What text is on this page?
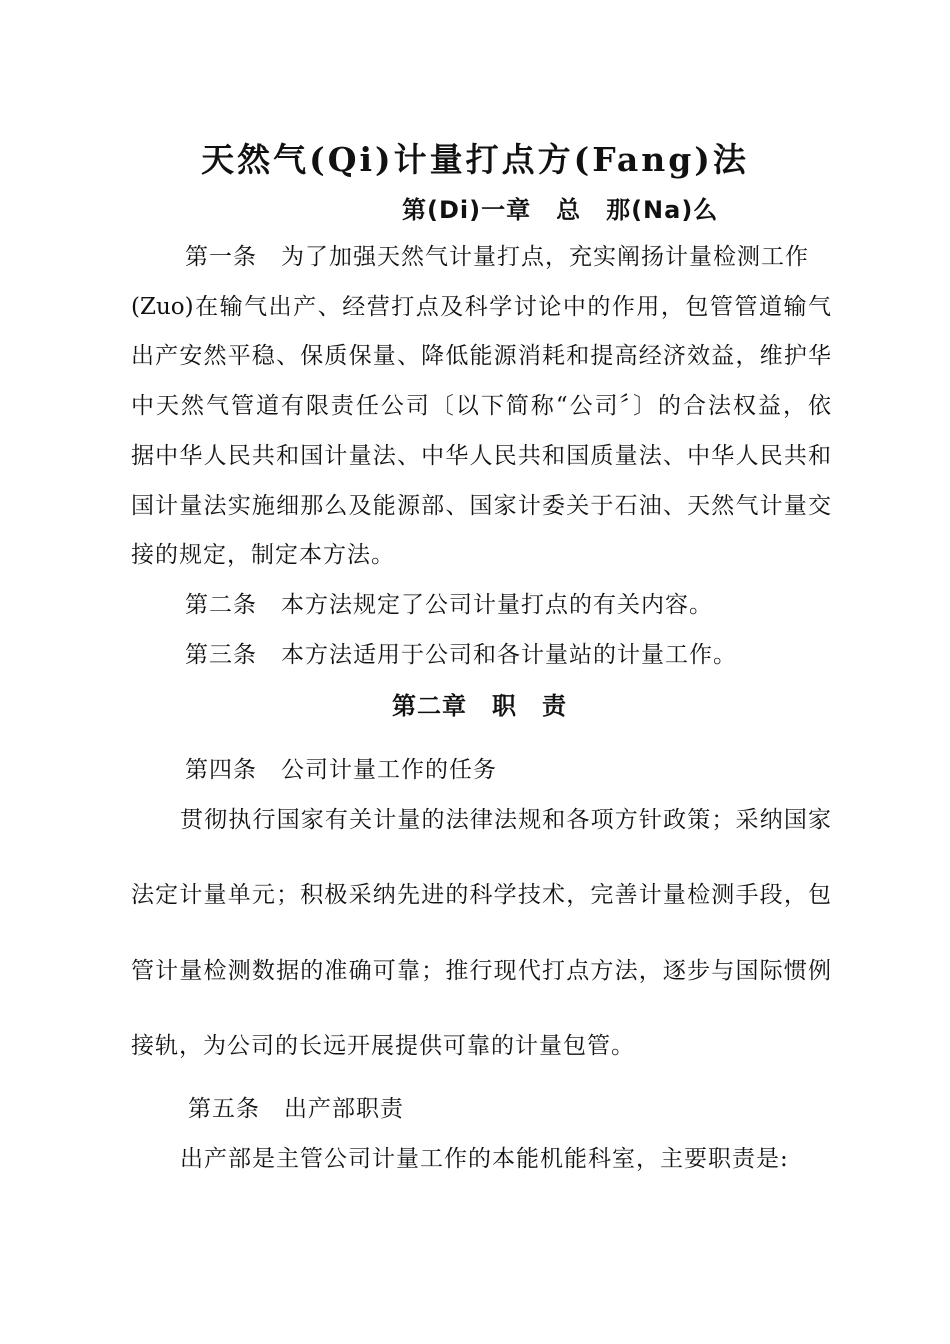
天然气(Qi)计量打点方(Fang)法
第(Di)一章　总　那(Na)么
第一条　为了加强天然气计量打点，充实阐扬计量检测工作
(Zuo)在输气出产、经营打点及科学讨论中的作用，包管管道输气
出产安然平稳、保质保量、降低能源消耗和提高经济效益，维护华
中天然气管道有限责任公司〔以下简称“公司〞〕的合法权益，依
据中华人民共和国计量法、中华人民共和国质量法、中华人民共和
国计量法实施细那么及能源部、国家计委关于石油、天然气计量交
接的规定，制定本方法。
第二条　本方法规定了公司计量打点的有关内容。
第三条　本方法适用于公司和各计量站的计量工作。
第二章　职　责
第四条　公司计量工作的任务
贯彻执行国家有关计量的法律法规和各项方针政策；采纳国家
法定计量单元；积极采纳先进的科学技术，完善计量检测手段，包
管计量检测数据的准确可靠；推行现代打点方法，逐步与国际惯例
接轨，为公司的长远开展提供可靠的计量包管。
第五条　出产部职责
出产部是主管公司计量工作的本能机能科室，主要职责是:
